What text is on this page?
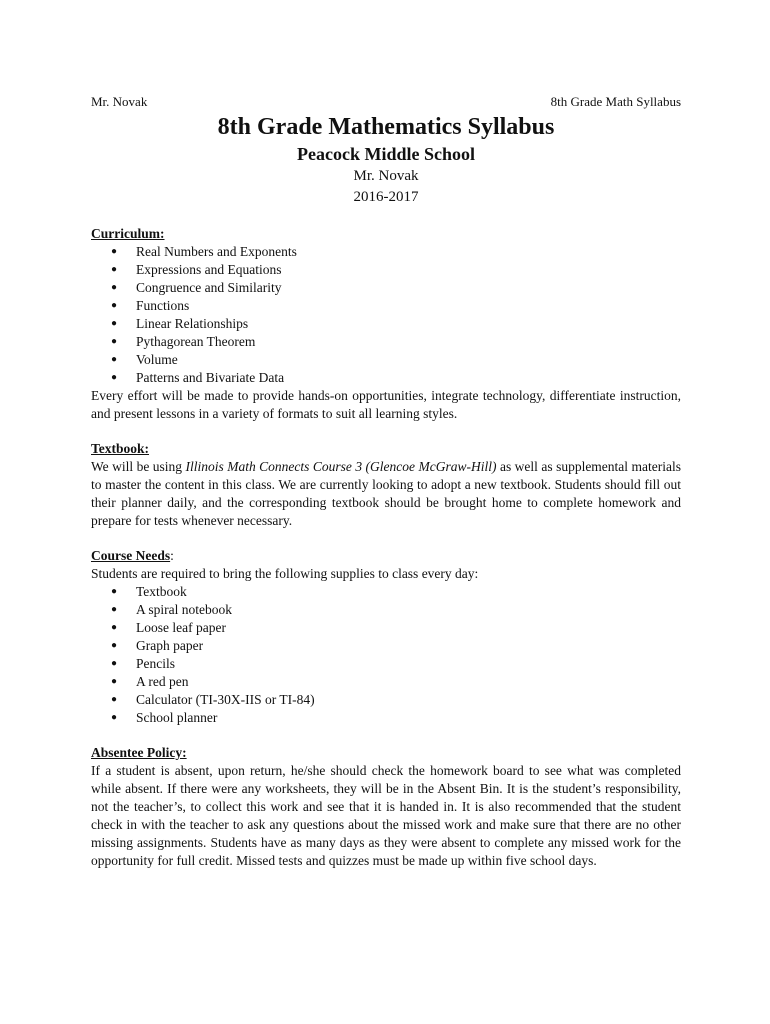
Mr. Novak	8th Grade Math Syllabus
8th Grade Mathematics Syllabus
Peacock Middle School
Mr. Novak
2016-2017
Curriculum:
●	Real Numbers and Exponents
●	Expressions and Equations
●	Congruence and Similarity
●	Functions
●	Linear Relationships
●	Pythagorean Theorem
●	Volume
●	Patterns and Bivariate Data
Every effort will be made to provide hands-on opportunities, integrate technology, differentiate instruction, and present lessons in a variety of formats to suit all learning styles.
Textbook:
We will be using Illinois Math Connects Course 3 (Glencoe McGraw-Hill) as well as supplemental materials to master the content in this class. We are currently looking to adopt a new textbook. Students should fill out their planner daily, and the corresponding textbook should be brought home to complete homework and prepare for tests whenever necessary.
Course Needs:
Students are required to bring the following supplies to class every day:
●	Textbook
●	A spiral notebook
●	Loose leaf paper
●	Graph paper
●	Pencils
●	A red pen
●	Calculator (TI-30X-IIS or TI-84)
●	School planner
Absentee Policy:
If a student is absent, upon return, he/she should check the homework board to see what was completed while absent. If there were any worksheets, they will be in the Absent Bin. It is the student’s responsibility, not the teacher’s, to collect this work and see that it is handed in. It is also recommended that the student check in with the teacher to ask any questions about the missed work and make sure that there are no other missing assignments. Students have as many days as they were absent to complete any missed work for the opportunity for full credit. Missed tests and quizzes must be made up within five school days.
